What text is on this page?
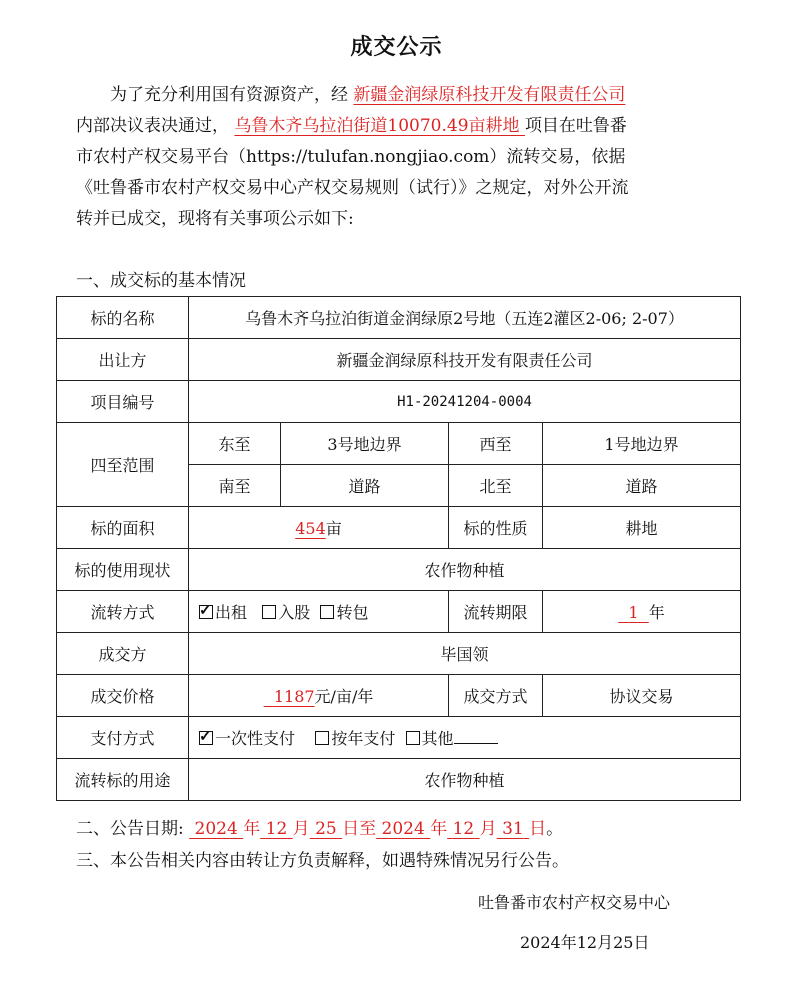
成交公示
为了充分利用国有资源资产，经 新疆金润绿原科技开发有限责任公司
内部决议表决通过， 乌鲁木齐乌拉泊街道10070.49亩耕地 项目在吐鲁番
市农村产权交易平台（https://tulufan.nongjiao.com）流转交易，依据
《吐鲁番市农村产权交易中心产权交易规则（试行）》之规定，对外公开流
转并已成交，现将有关事项公示如下:
一、成交标的基本情况
标的名称	乌鲁木齐乌拉泊街道金润绿原2号地（五连2灌区2-06; 2-07）			
出让方	新疆金润绿原科技开发有限责任公司			
项目编号	H1-20241204-0004			
四至范围	东至	3号地边界	西至	1号地边界
	南至	道路	北至	道路
标的面积	454亩		标的性质	耕地
标的使用现状	农作物种植			
流转方式	✓出租 入股 转包		流转期限	1 年
成交方	毕国领			
成交价格	1187元/亩/年		成交方式	协议交易
支付方式	✓一次性支付 按年支付 其他
流转标的用途	农作物种植			
二、公告日期: 2024 年 12 月 25 日至 2024 年 12 月 31 日。
三、本公告相关内容由转让方负责解释，如遇特殊情况另行公告。
吐鲁番市农村产权交易中心
2024年12月25日
